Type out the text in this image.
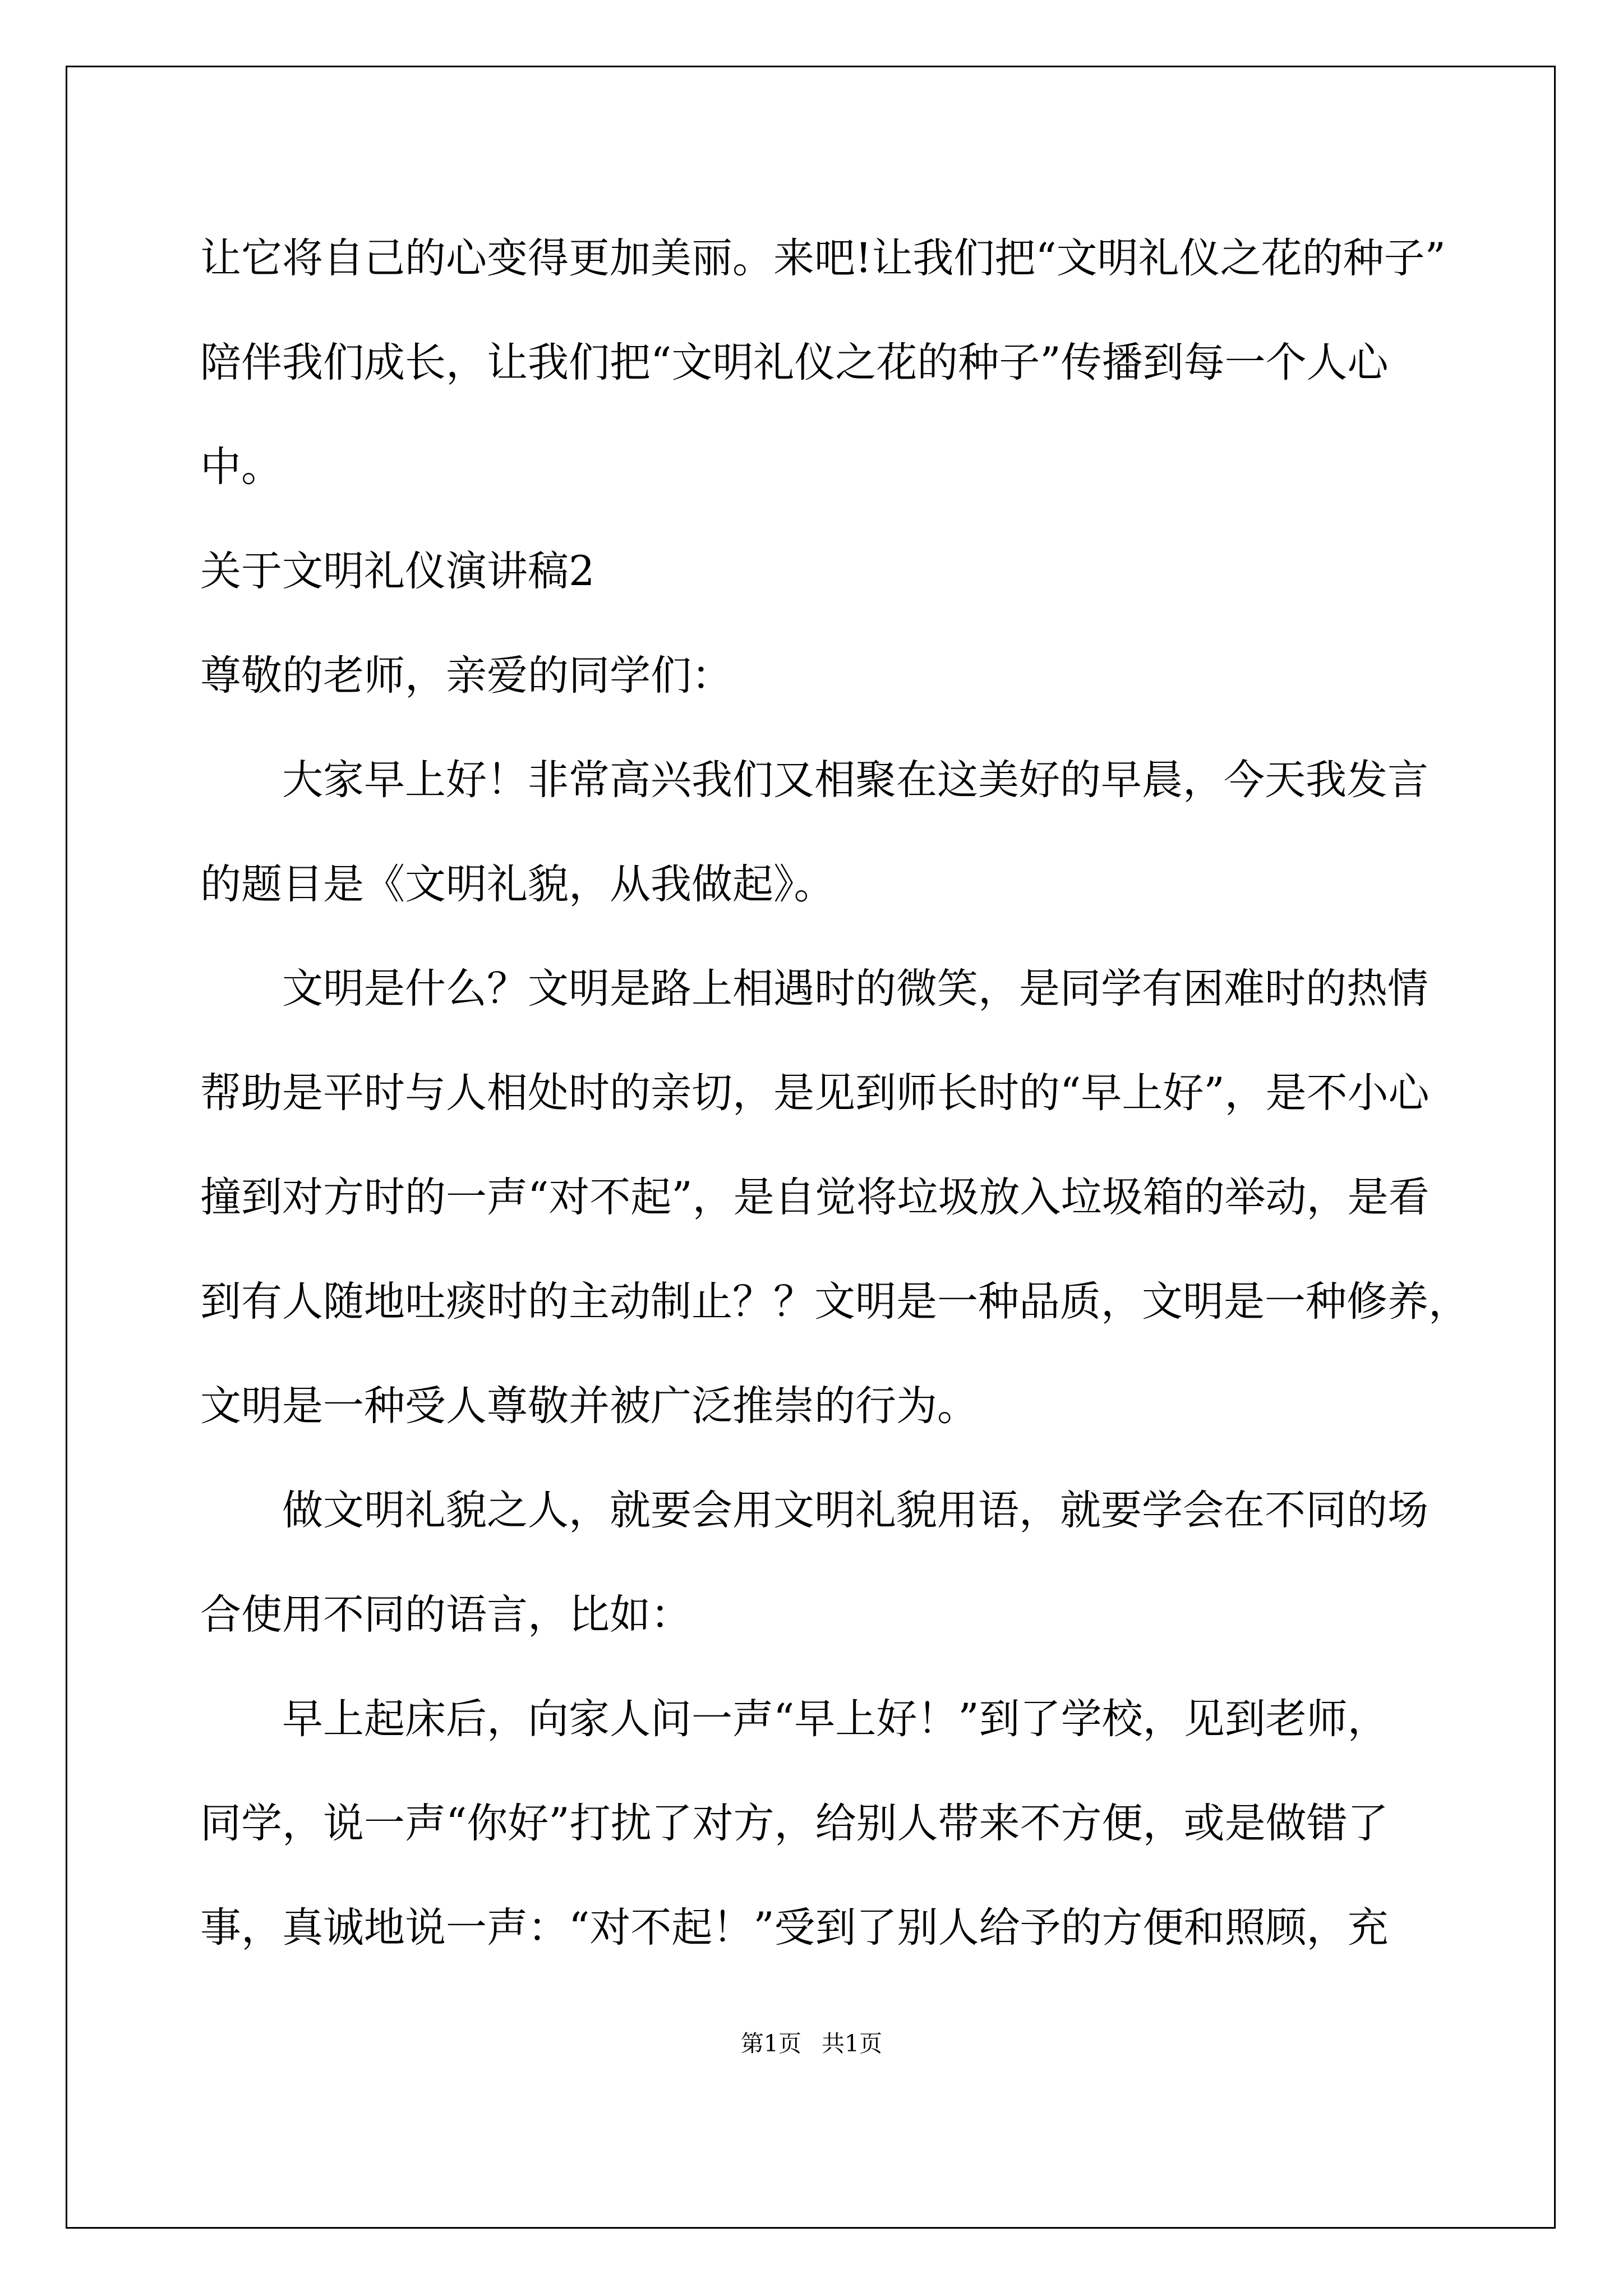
让它将自己的心变得更加美丽。来吧!让我们把“文明礼仪之花的种子”
陪伴我们成长，让我们把“文明礼仪之花的种子”传播到每一个人心
中。
关于文明礼仪演讲稿2
尊敬的老师，亲爱的同学们：
大家早上好！非常高兴我们又相聚在这美好的早晨，今天我发言
的题目是《文明礼貌，从我做起》。
文明是什么？文明是路上相遇时的微笑，是同学有困难时的热情
帮助是平时与人相处时的亲切，是见到师长时的“早上好”，是不小心
撞到对方时的一声“对不起”，是自觉将垃圾放入垃圾箱的举动，是看
到有人随地吐痰时的主动制止？？文明是一种品质，文明是一种修养，
文明是一种受人尊敬并被广泛推崇的行为。
做文明礼貌之人，就要会用文明礼貌用语，就要学会在不同的场
合使用不同的语言，比如：
早上起床后，向家人问一声“早上好！”到了学校，见到老师，
同学，说一声“你好”打扰了对方，给别人带来不方便，或是做错了
事，真诚地说一声：“对不起！”受到了别人给予的方便和照顾，充
第1页 共1页
